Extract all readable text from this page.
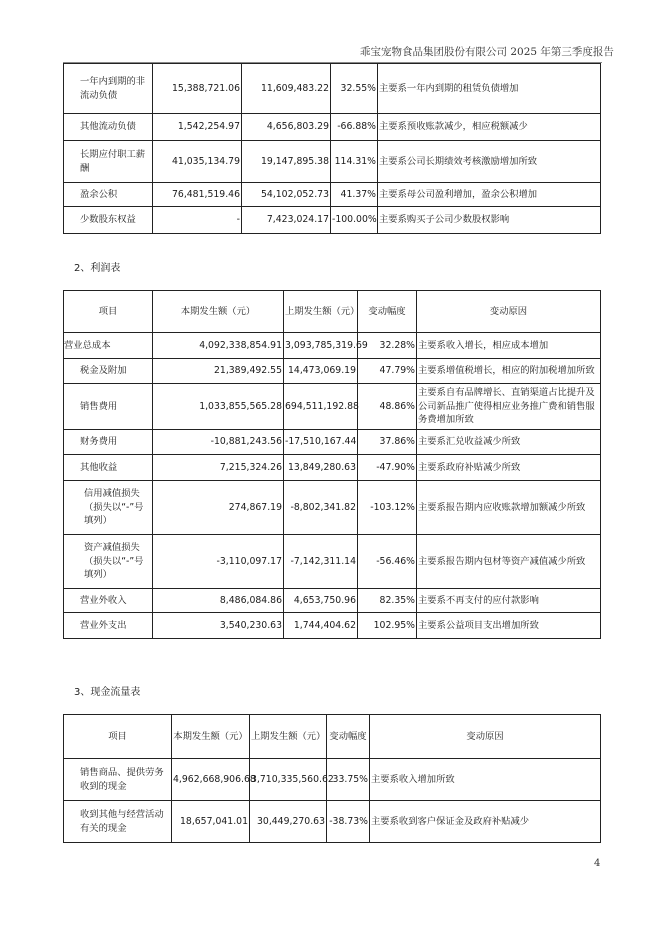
乖宝宠物食品集团股份有限公司 2025 年第三季度报告
一年内到期的非流动负债	15,388,721.06	11,609,483.22	32.55%	主要系一年内到期的租赁负债增加
其他流动负债	1,542,254.97	4,656,803.29	-66.88%	主要系预收账款减少，相应税额减少
长期应付职工薪酬	41,035,134.79	19,147,895.38	114.31%	主要系公司长期绩效考核激励增加所致
盈余公积	76,481,519.46	54,102,052.73	41.37%	主要系母公司盈利增加，盈余公积增加
少数股东权益	-	7,423,024.17	-100.00%	主要系购买子公司少数股权影响
2、利润表
项目	本期发生额（元）	上期发生额（元）	变动幅度	变动原因
营业总成本	4,092,338,854.91	3,093,785,319.69	32.28%	主要系收入增长，相应成本增加
税金及附加	21,389,492.55	14,473,069.19	47.79%	主要系增值税增长，相应的附加税增加所致
销售费用	1,033,855,565.28	694,511,192.88	48.86%	主要系自有品牌增长、直销渠道占比提升及公司新品推广使得相应业务推广费和销售服务费增加所致
财务费用	-10,881,243.56	-17,510,167.44	37.86%	主要系汇兑收益减少所致
其他收益	7,215,324.26	13,849,280.63	-47.90%	主要系政府补贴减少所致
信用减值损失（损失以“-”号填列）	274,867.19	-8,802,341.82	-103.12%	主要系报告期内应收账款增加额减少所致
资产减值损失（损失以“-”号填列）	-3,110,097.17	-7,142,311.14	-56.46%	主要系报告期内包材等资产减值减少所致
营业外收入	8,486,084.86	4,653,750.96	82.35%	主要系不再支付的应付款影响
营业外支出	3,540,230.63	1,744,404.62	102.95%	主要系公益项目支出增加所致
4
3、现金流量表
项目	本期发生额（元）	上期发生额（元）	变动幅度	变动原因
销售商品、提供劳务收到的现金	4,962,668,906.68	3,710,335,560.62	33.75%	主要系收入增加所致
收到其他与经营活动有关的现金	18,657,041.01	30,449,270.63	-38.73%	主要系收到客户保证金及政府补贴减少
